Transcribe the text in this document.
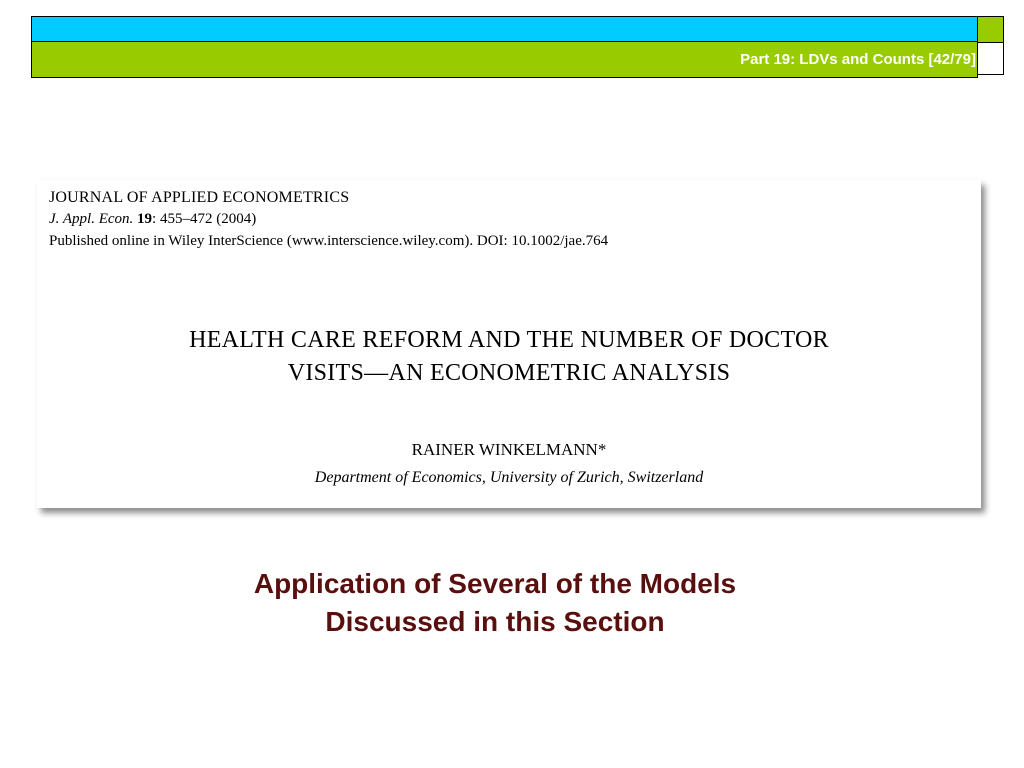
Part 19: LDVs and Counts [42/79]
JOURNAL OF APPLIED ECONOMETRICS
J. Appl. Econ. 19: 455–472 (2004)
Published online in Wiley InterScience (www.interscience.wiley.com). DOI: 10.1002/jae.764
HEALTH CARE REFORM AND THE NUMBER OF DOCTOR
VISITS—AN ECONOMETRIC ANALYSIS
RAINER WINKELMANN*
Department of Economics, University of Zurich, Switzerland
Application of Several of the Models
Discussed in this Section
